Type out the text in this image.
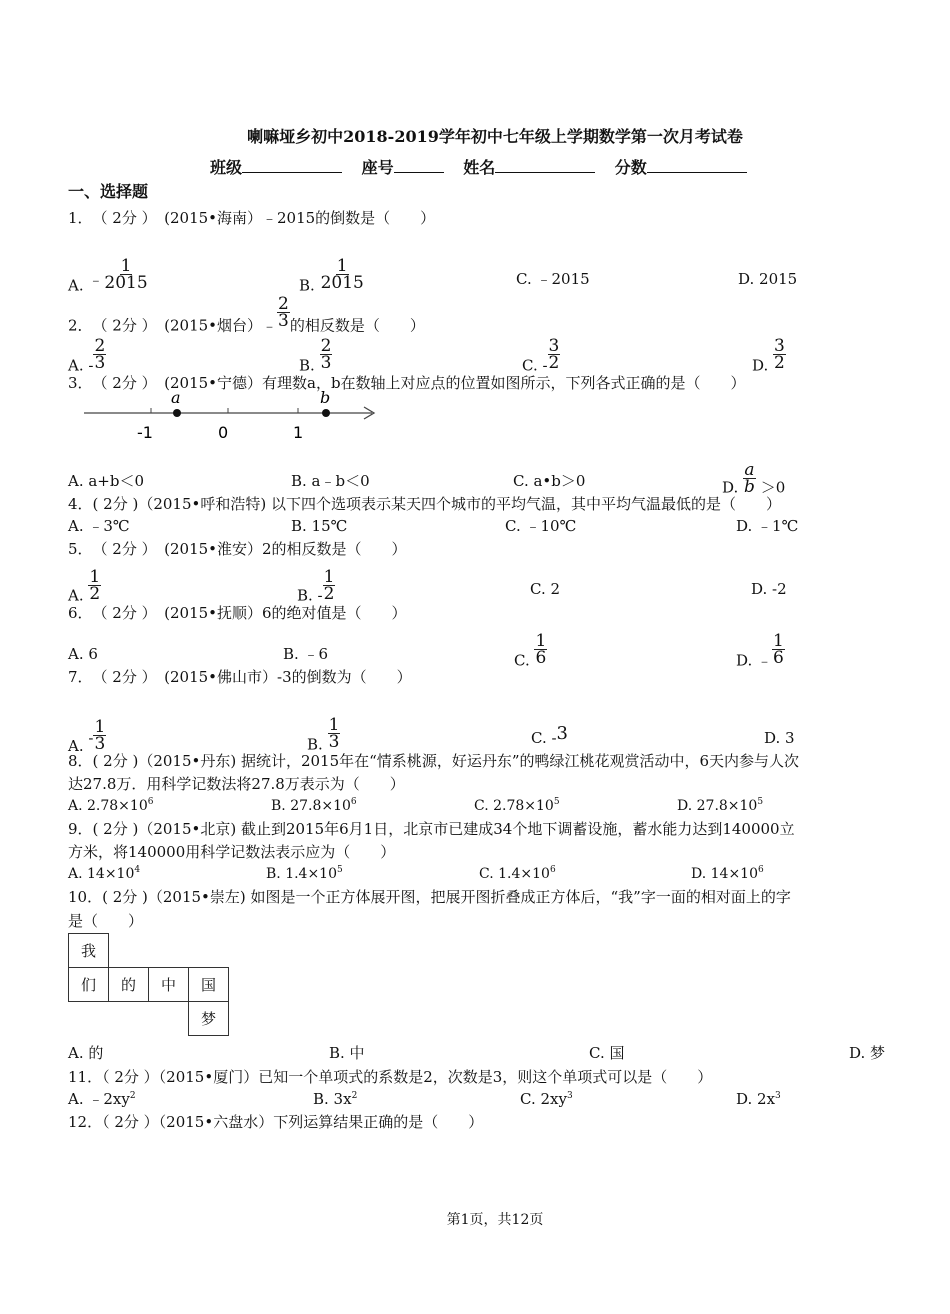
喇嘛垭乡初中2018-2019学年初中七年级上学期数学第一次月考试卷
班级	座号	姓名	分数
一、选择题
1．　（ 2分 ）　(2015•海南）﹣2015的倒数是（　　）
A. ﹣ $\frac{1}{2015}$	B. $\frac{1}{2015}$	C. ﹣2015	D. 2015
2．　（ 2分 ）　(2015•烟台）﹣ $\frac{2}{3}$ 的相反数是（　　）
A. - $\frac{2}{3}$	B. $\frac{2}{3}$	C. - $\frac{3}{2}$	D. $\frac{3}{2}$
3．　（ 2分 ）　(2015•宁德）有理数a，b在数轴上对应点的位置如图所示，下列各式正确的是（　　）
a	b
-1	0	1
A. a+b＜0	B. a﹣b＜0	C. a•b＞0	D. $\frac{a}{b} >0$
4．( 2分 )（2015•呼和浩特) 以下四个选项表示某天四个城市的平均气温，其中平均气温最低的是（　　）
A. ﹣3℃	B. 15℃	C. ﹣10℃	D. ﹣1℃
5．　（ 2分 ）　(2015•淮安）2的相反数是（　　）
A. $\frac{1}{2}$	B. - $\frac{1}{2}$	C. 2	D. -2
6．　（ 2分 ）　(2015•抚顺）6的绝对值是（　　）
A. 6	B. ﹣6	C. $\frac{1}{6}$	D. ﹣ $\frac{1}{6}$
7．　（ 2分 ）　(2015•佛山市）-3的倒数为（　　）
A. - $\frac{1}{3}$	B. $\frac{1}{3}$	C. -3	D. 3
8．( 2分 )（2015•丹东) 据统计，2015年在“情系桃源，好运丹东”的鸭绿江桃花观赏活动中，6天内参与人次
达27.8万．用科学记数法将27.8万表示为（　　）
A. $2.78\times 10^6$	B. $27.8\times 10^6$	C. $2.78\times 10^5$	D. $27.8\times 10^5$
9．( 2分 )（2015•北京) 截止到2015年6月1日，北京市已建成34个地下调蓄设施，蓄水能力达到140000立
方米，将140000用科学记数法表示应为（　　）
A. $14\times 10^4$	B. $1.4\times 10^5$	C. $1.4\times 10^6$	D. $14\times 10^6$
10．( 2分 )（2015•崇左) 如图是一个正方体展开图，把展开图折叠成正方体后，“我”字一面的相对面上的字
是（　　）
我			
们	的	中	国
			梦
A. 的	B. 中	C. 国	D. 梦
11．（ 2分 ）（2015•厦门）已知一个单项式的系数是2，次数是3，则这个单项式可以是（　　）
A. $﹣2xy^2$	B. $3x^2$	C. $2xy^3$	D. $2x^3$
12．（ 2分 ）（2015•六盘水）下列运算结果正确的是（　　）
第1页，共12页
